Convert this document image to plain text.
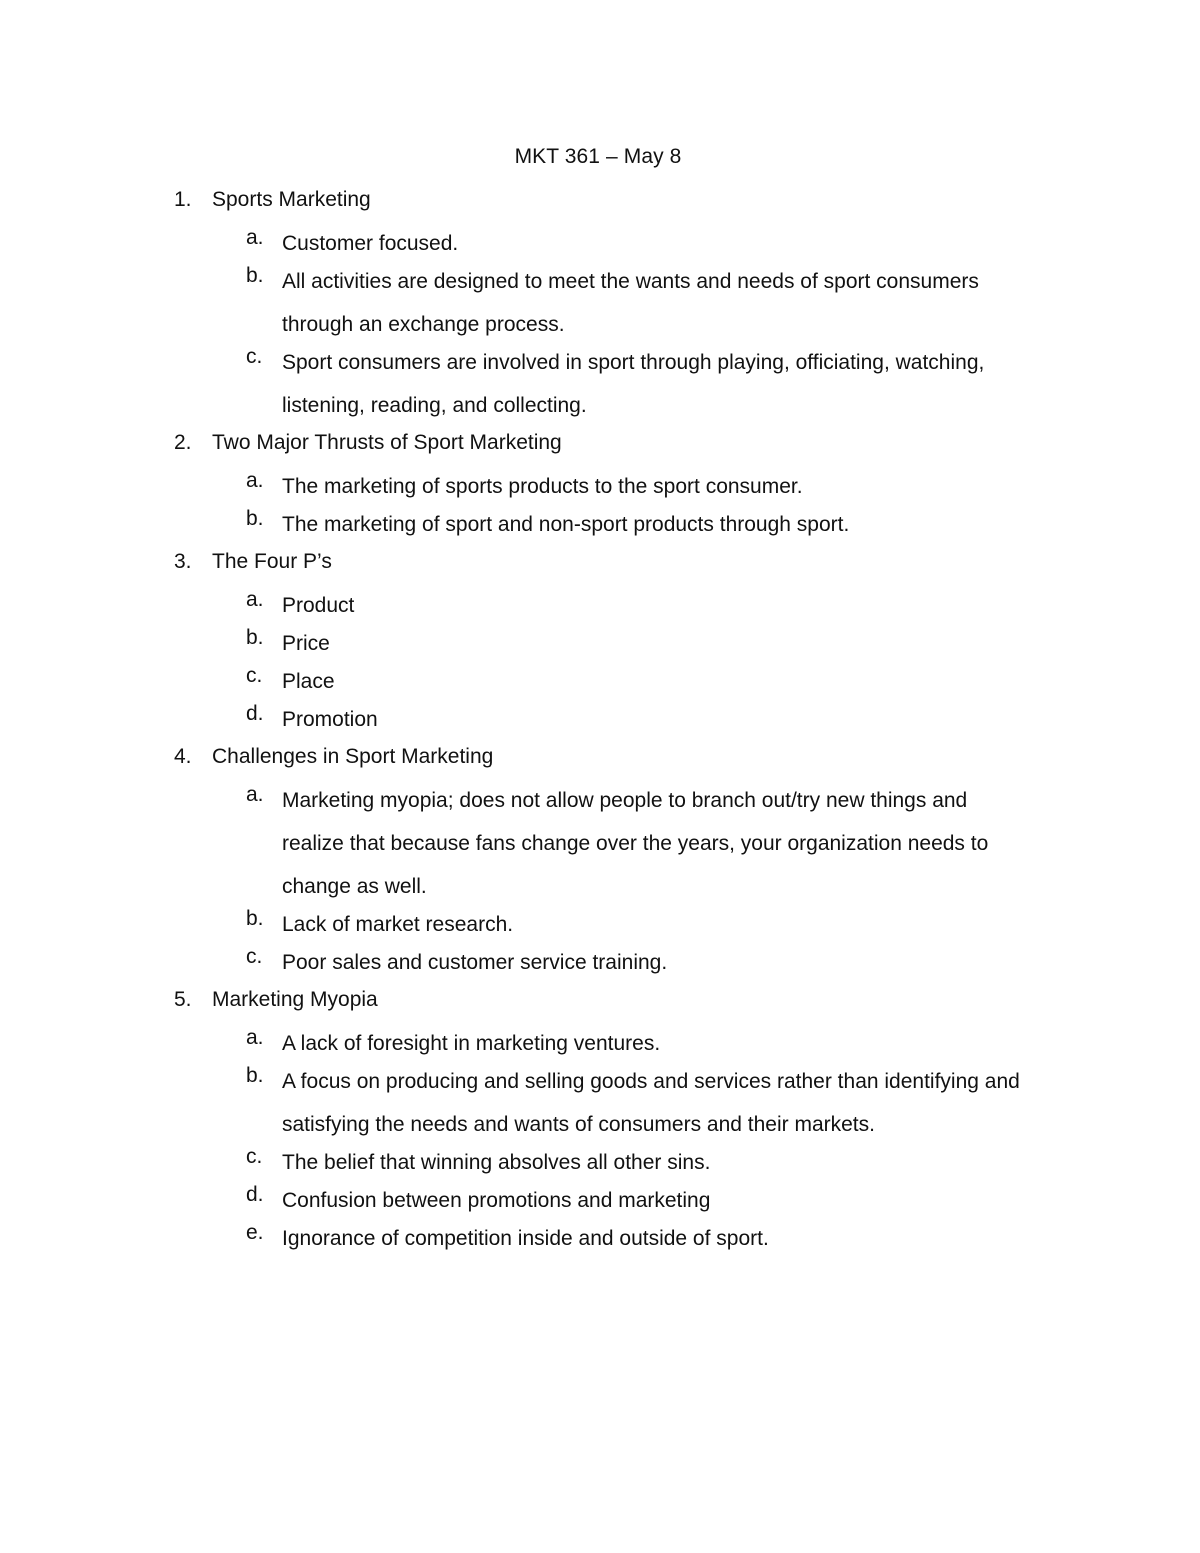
MKT 361 – May 8
1. Sports Marketing
a. Customer focused.
b. All activities are designed to meet the wants and needs of sport consumers through an exchange process.
c. Sport consumers are involved in sport through playing, officiating, watching, listening, reading, and collecting.
2. Two Major Thrusts of Sport Marketing
a. The marketing of sports products to the sport consumer.
b. The marketing of sport and non-sport products through sport.
3. The Four P’s
a. Product
b. Price
c. Place
d. Promotion
4. Challenges in Sport Marketing
a. Marketing myopia; does not allow people to branch out/try new things and realize that because fans change over the years, your organization needs to change as well.
b. Lack of market research.
c. Poor sales and customer service training.
5. Marketing Myopia
a. A lack of foresight in marketing ventures.
b. A focus on producing and selling goods and services rather than identifying and satisfying the needs and wants of consumers and their markets.
c. The belief that winning absolves all other sins.
d. Confusion between promotions and marketing
e. Ignorance of competition inside and outside of sport.
